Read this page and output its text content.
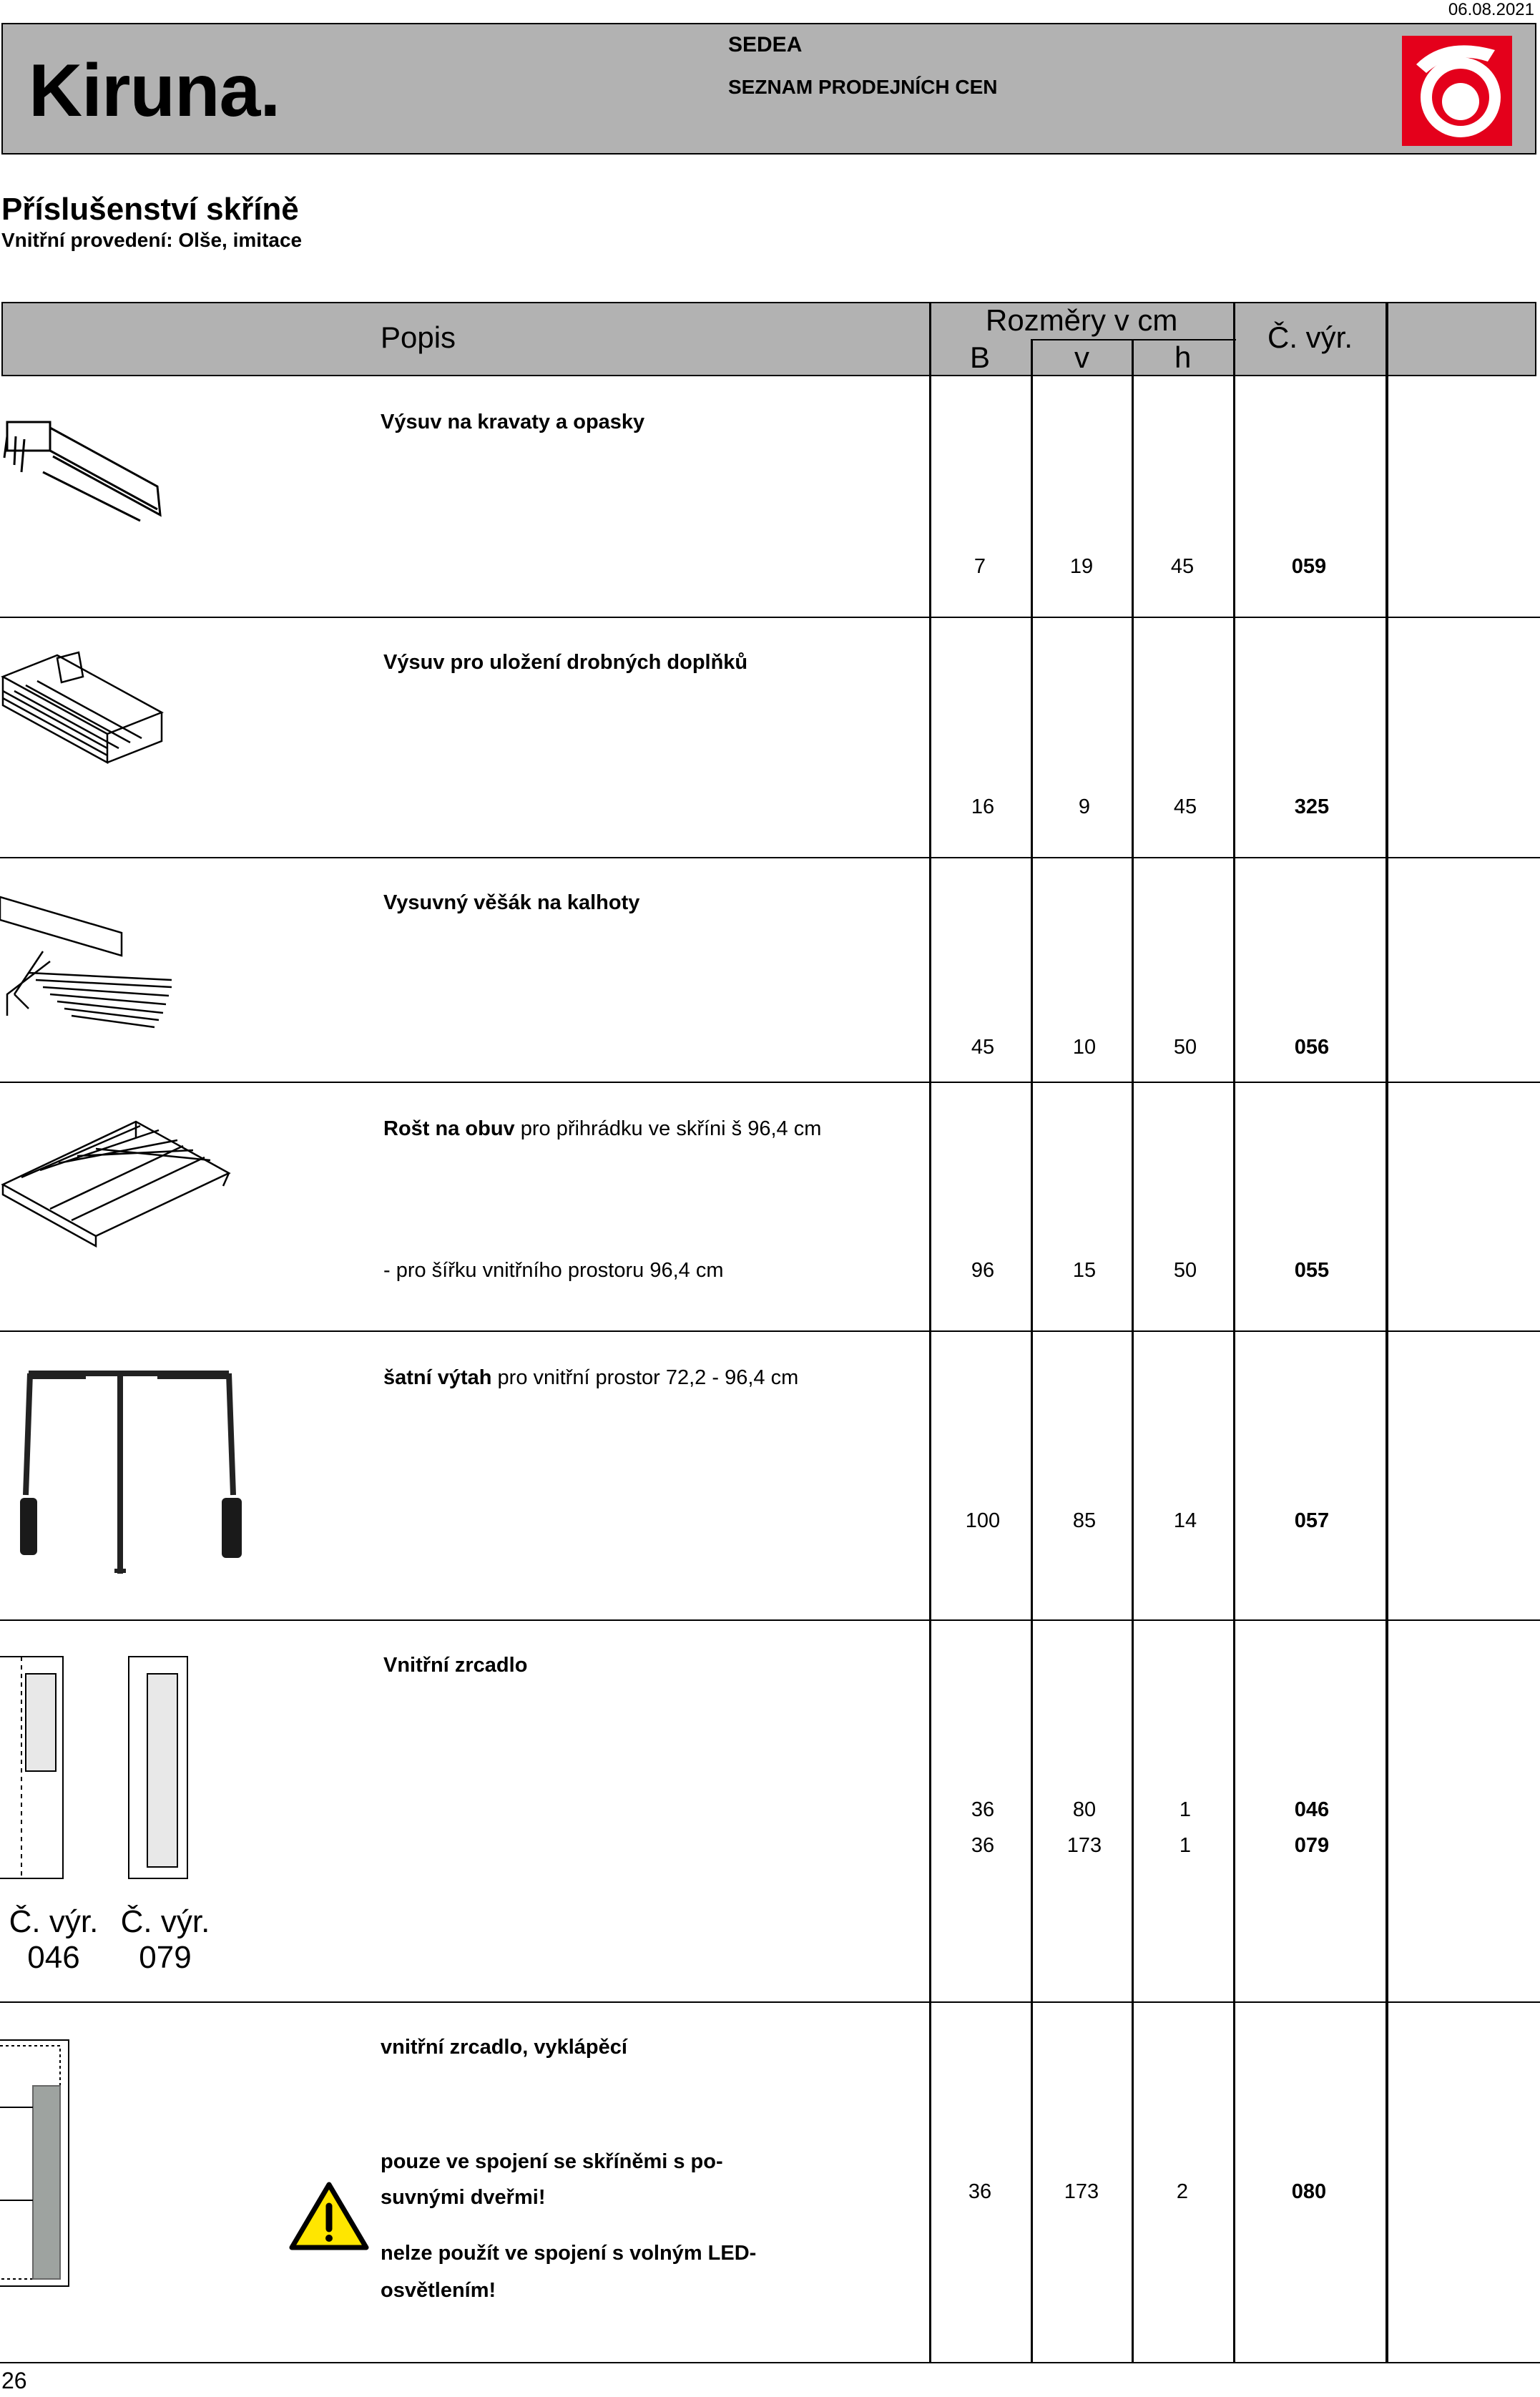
06.08.2021
Kiruna.
SEDEA
SEZNAM PRODEJNÍCH CEN
Příslušenství skříně
Vnitřní provedení: Olše, imitace
Popis
Rozměry v cm
B	v	h
Č. výr.
Výsuv na kravaty a opasky
7	19	45	059
Výsuv pro uložení drobných doplňků
16	9	45	325
Vysuvný věšák na kalhoty
45	10	50	056
Rošt na obuv pro přihrádku ve skříni š 96,4 cm
- pro šířku vnitřního prostoru 96,4 cm	96	15	50	055
šatní výtah pro vnitřní prostor 72,2 - 96,4 cm
100	85	14	057
Č. výr.
046
Č. výr.
079
Vnitřní zrcadlo
36	80	1	046
36	173	1	079
vnitřní zrcadlo, vyklápěcí
pouze ve spojení se skříněmi s po-
suvnými dveřmi!
nelze použít ve spojení s volným LED-
osvětlením!
36	173	2	080
26
